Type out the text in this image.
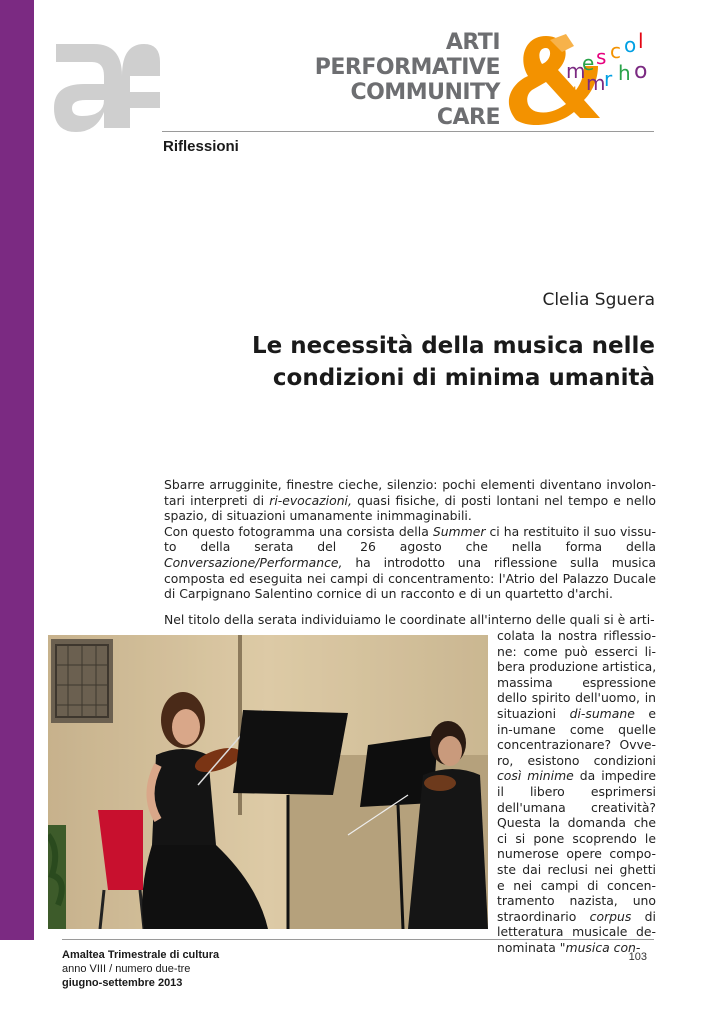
ARTI
PERFORMATIVE
COMMUNITY
CARE
m
e s c o l
s u m
r h o
Riflessioni
Clelia Sguera
Le necessità della musica nelle
condizioni di minima umanità

Sbarre arrugginite, finestre cieche, silenzio: pochi elementi diventano involon-tari interpreti di ri-evocazioni, quasi fisiche, di posti lontani nel tempo e nello spazio, di situazioni umanamente inimmaginabili.

Con questo fotogramma una corsista della Summer ci ha restituito il suo vissu-to della serata del 26 agosto che nella forma della Conversazione/Performance, ha introdotto una riflessione sulla musica composta ed eseguita nei campi di concentramento: l'Atrio del Palazzo Ducale di Carpignano Salentino cornice di un racconto e di un quartetto d'archi.

Nel titolo della serata individuiamo le coordinate all'interno delle quali si è arti-
colata la nostra riflessio-
ne: come può esserci li-
bera produzione artistica,
massima espressione
dello spirito dell'uomo, in
situazioni di-sumane e
in-umane come quelle
concentrazionare? Ovve-
ro, esistono condizioni
così minime da impedire
il libero esprimersi
dell'umana creatività?
Questa la domanda che
ci si pone scoprendo le
numerose opere compo-
ste dai reclusi nei ghetti
e nei campi di concen-
tramento nazista, uno
straordinario corpus di
letteratura musicale de-
nominata "musica con-
Amaltea Trimestrale di cultura
anno VIII / numero due-tre
giugno-settembre 2013
103
